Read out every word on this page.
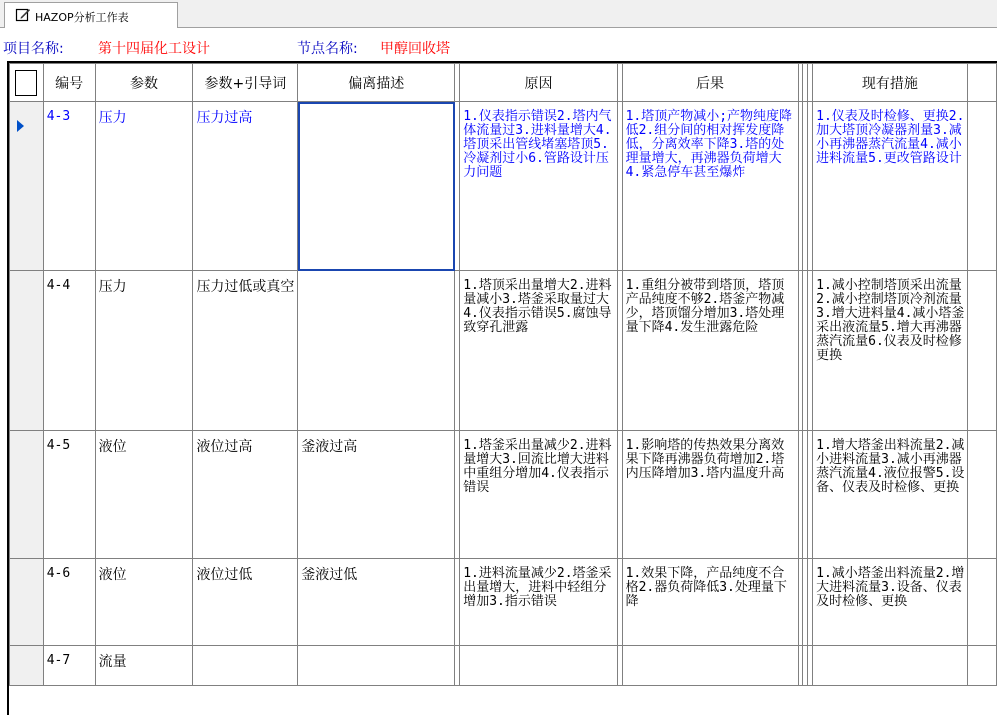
HAZOP分析工作表
项目名称: 第十四届化工设计	节点名称: 甲醇回收塔
	编号	参数	参数+引导词	偏离描述		原因		后果				现有措施	

	4-3	压力	压力过高			1.仪表指示错误2.塔内气体流量过3.进料量增大4.塔顶采出管线堵塞塔顶5.冷凝剂过小6.管路设计压力问题		1.塔顶产物减小;产物纯度降低2.组分间的相对挥发度降低，分离效率下降3.塔的处理量增大，再沸器负荷增大4.紧急停车甚至爆炸				1.仪表及时检修、更换2.加大塔顶冷凝器剂量3.减小再沸器蒸汽流量4.减小进料流量5.更改管路设计	

	4-4	压力	压力过低或真空			1.塔顶采出量增大2.进料量减小3.塔釜采取量过大4.仪表指示错误5.腐蚀导致穿孔泄露		1.重组分被带到塔顶，塔顶产品纯度不够2.塔釜产物减少，塔顶馏分增加3.塔处理量下降4.发生泄露危险				1.减小控制塔顶采出流量2.减小控制塔顶冷剂流量3.增大进料量4.减小塔釜采出液流量5.增大再沸器蒸汽流量6.仪表及时检修更换	

	4-5	液位	液位过高	釜液过高		1.塔釜采出量减少2.进料量增大3.回流比增大进料中重组分增加4.仪表指示错误		1.影响塔的传热效果分离效果下降再沸器负荷增加2.塔内压降增加3.塔内温度升高				1.增大塔釜出料流量2.减小进料流量3.减小再沸器蒸汽流量4.液位报警5.设备、仪表及时检修、更换	

	4-6	液位	液位过低	釜液过低		1.进料流量减少2.塔釜采出量增大，进料中轻组分增加3.指示错误		1.效果下降，产品纯度不合格2.器负荷降低3.处理量下降				1.减小塔釜出料流量2.增大进料流量3.设备、仪表及时检修、更换	

	4-7	流量											
